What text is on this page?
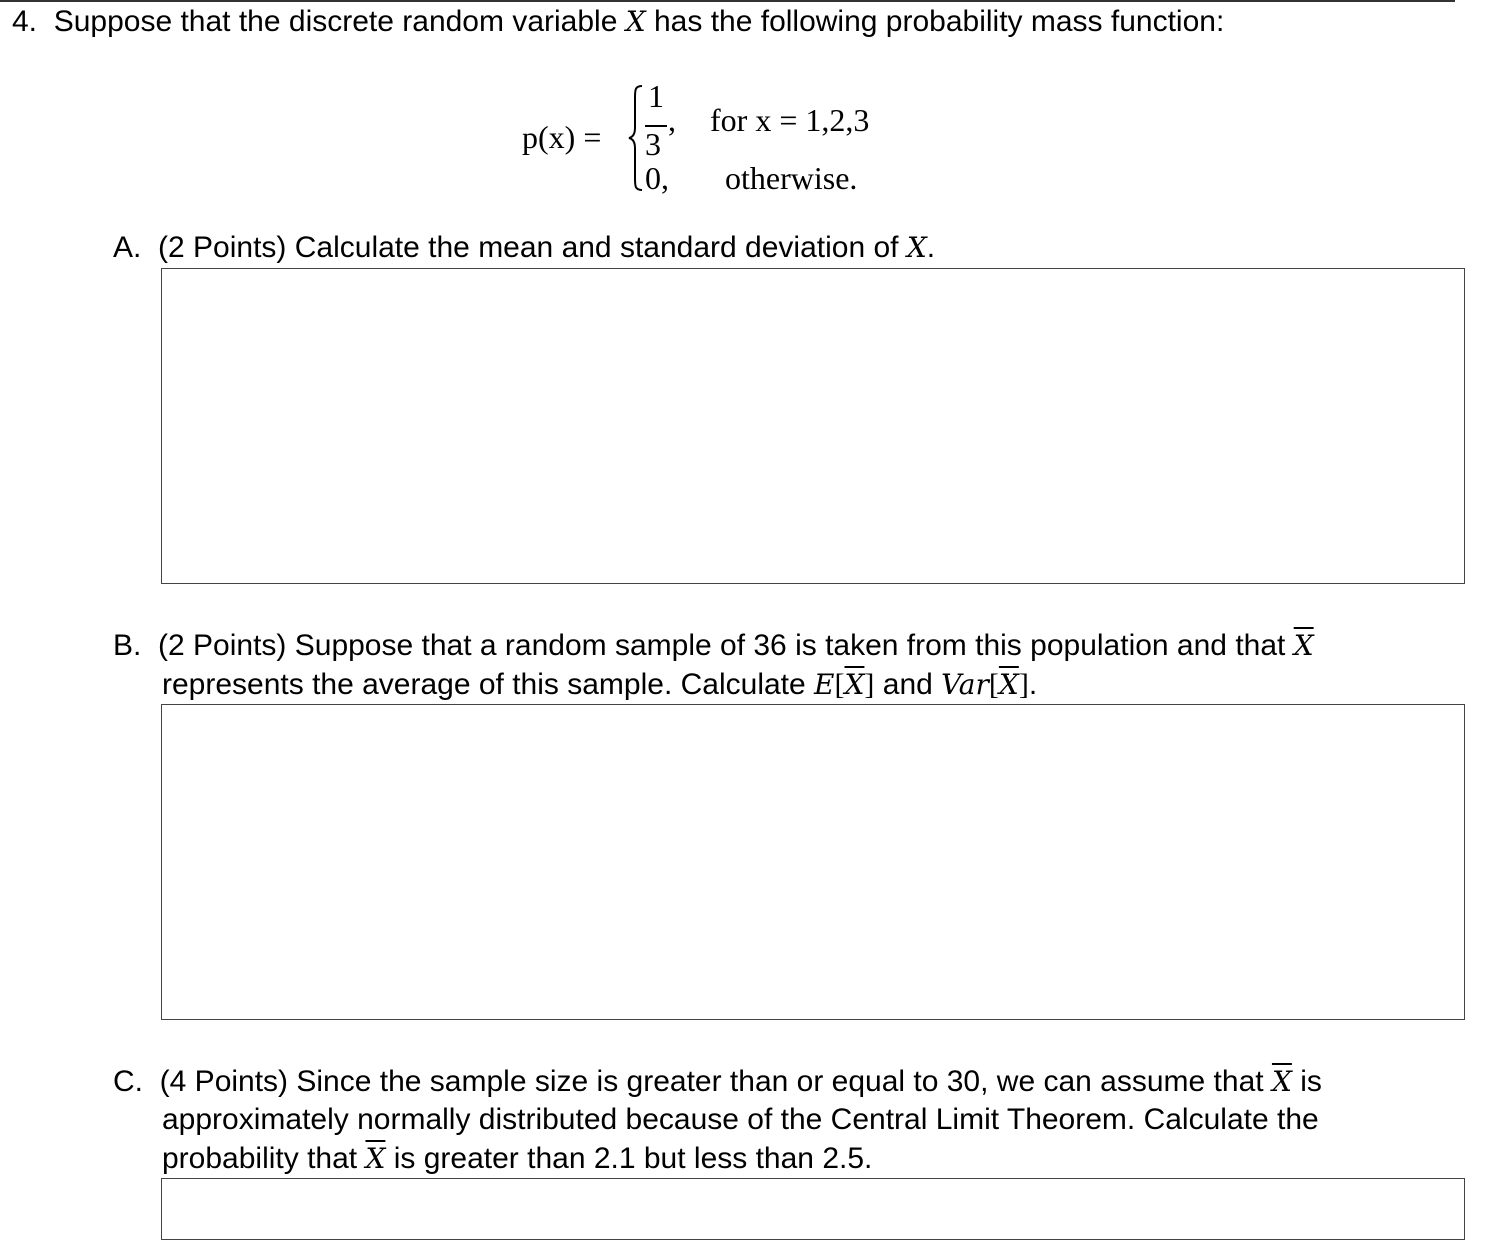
4. Suppose that the discrete random variable X has the following probability mass function:
p(x) =
1
3
, for x = 1,2,3
0, otherwise.
A. (2 Points) Calculate the mean and standard deviation of X.
B. (2 Points) Suppose that a random sample of 36 is taken from this population and that $\overline{X}$
represents the average of this sample. Calculate $E[\overline{X}]$ and $Var[\overline{X}]$.
C. (4 Points) Since the sample size is greater than or equal to 30, we can assume that $\overline{X}$ is
approximately normally distributed because of the Central Limit Theorem. Calculate the
probability that $\overline{X}$ is greater than 2.1 but less than 2.5.
